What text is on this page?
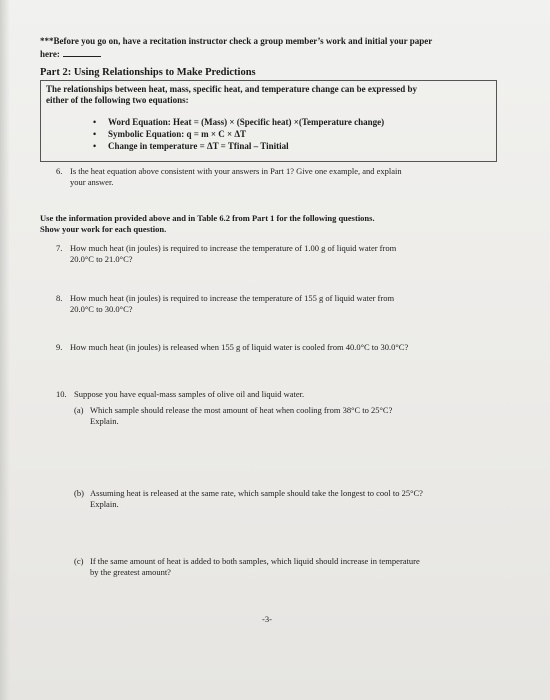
***Before you go on, have a recitation instructor check a group member’s work and initial your paper
here:
Part 2: Using Relationships to Make Predictions
The relationships between heat, mass, specific heat, and temperature change can be expressed by
either of the following two equations:
• Word Equation: Heat = (Mass) × (Specific heat) ×(Temperature change)
• Symbolic Equation: q = m × C × ΔT
• Change in temperature = ΔT = Tfinal – Tinitial
6. Is the heat equation above consistent with your answers in Part 1? Give one example, and explain
your answer.
Use the information provided above and in Table 6.2 from Part 1 for the following questions.
Show your work for each question.
7. How much heat (in joules) is required to increase the temperature of 1.00 g of liquid water from
20.0°C to 21.0°C?
8. How much heat (in joules) is required to increase the temperature of 155 g of liquid water from
20.0°C to 30.0°C?
9. How much heat (in joules) is released when 155 g of liquid water is cooled from 40.0°C to 30.0°C?
10. Suppose you have equal-mass samples of olive oil and liquid water.
(a) Which sample should release the most amount of heat when cooling from 38°C to 25°C?
Explain.
(b) Assuming heat is released at the same rate, which sample should take the longest to cool to 25°C?
Explain.
(c) If the same amount of heat is added to both samples, which liquid should increase in temperature
by the greatest amount?
-3-
